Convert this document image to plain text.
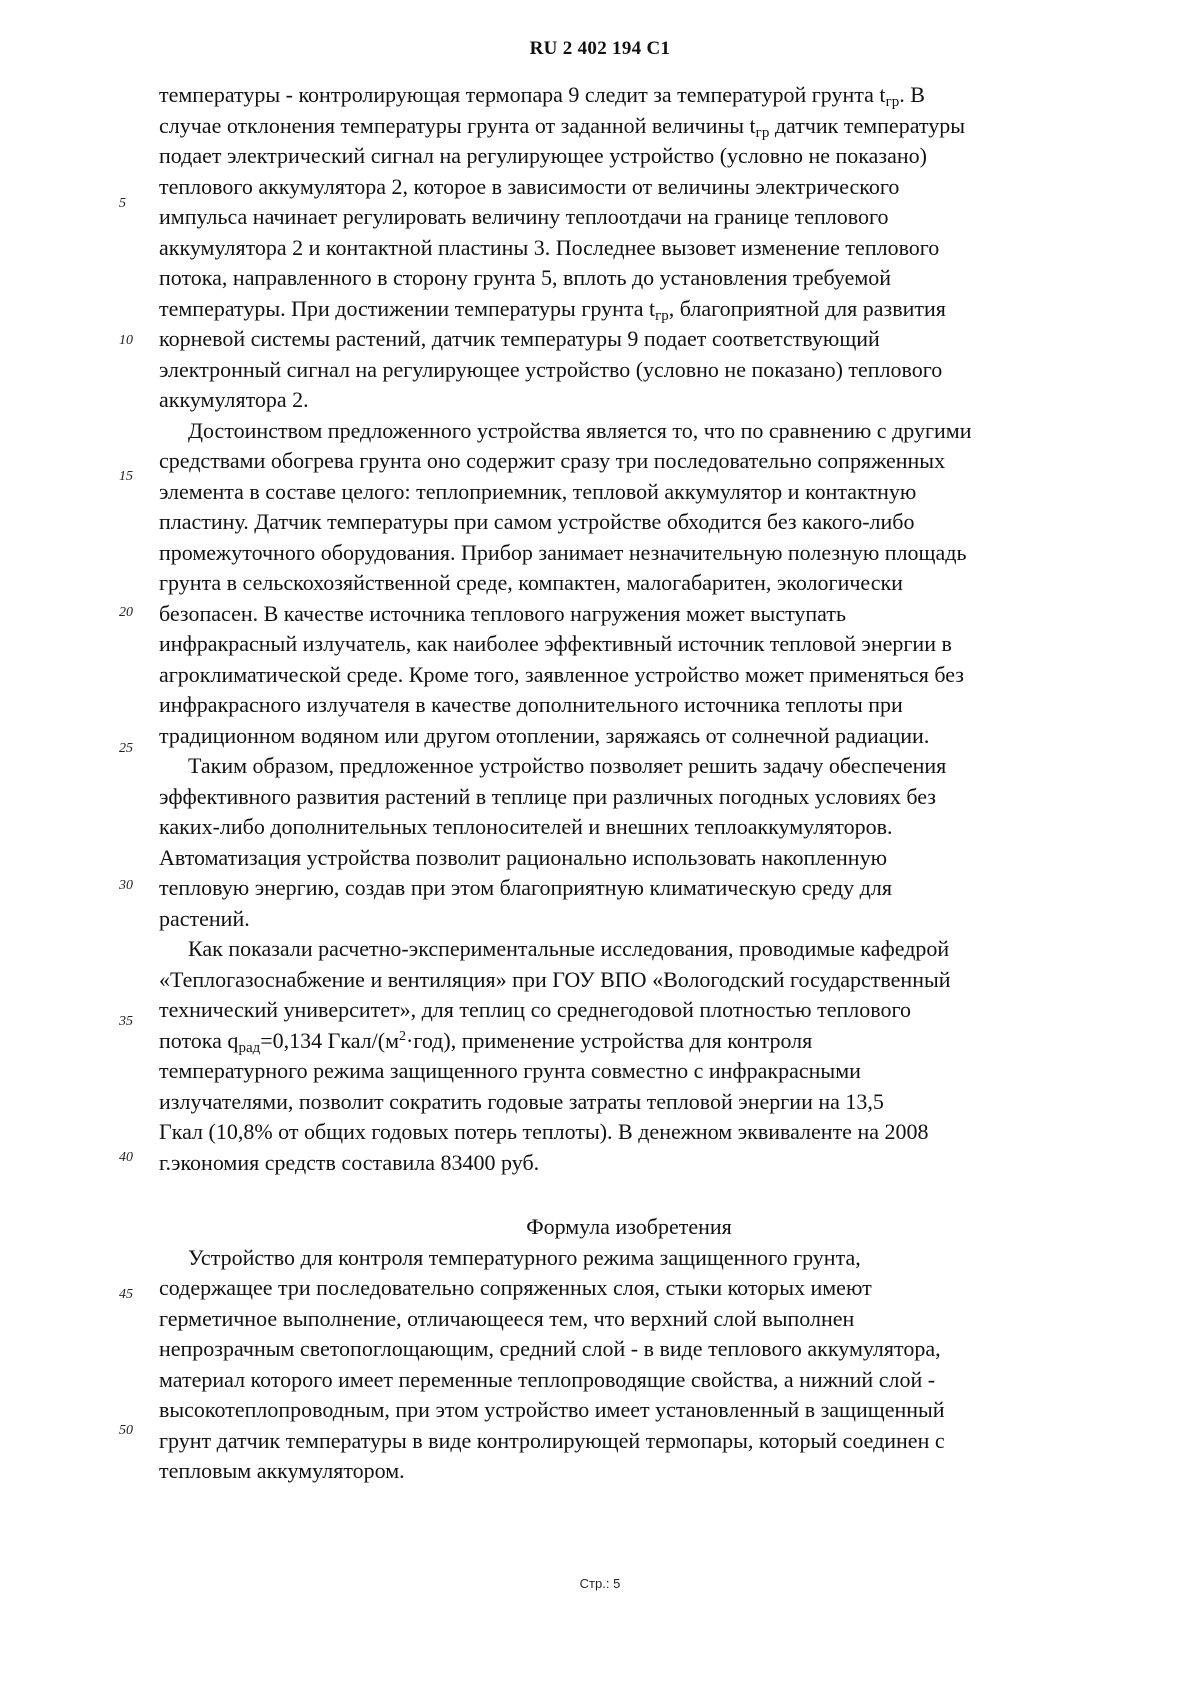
RU 2 402 194 C1
5
10
15
20
25
30
35
40
45
50
температуры - контролирующая термопара 9 следит за температурой грунта $t_{гр}$. В
случае отклонения температуры грунта от заданной величины $t_{гр}$ датчик температуры
подает электрический сигнал на регулирующее устройство (условно не показано)
теплового аккумулятора 2, которое в зависимости от величины электрического
импульса начинает регулировать величину теплоотдачи на границе теплового
аккумулятора 2 и контактной пластины 3. Последнее вызовет изменение теплового
потока, направленного в сторону грунта 5, вплоть до установления требуемой
температуры. При достижении температуры грунта $t_{гр}$, благоприятной для развития
корневой системы растений, датчик температуры 9 подает соответствующий
электронный сигнал на регулирующее устройство (условно не показано) теплового
аккумулятора 2.
Достоинством предложенного устройства является то, что по сравнению с другими
средствами обогрева грунта оно содержит сразу три последовательно сопряженных
элемента в составе целого: теплоприемник, тепловой аккумулятор и контактную
пластину. Датчик температуры при самом устройстве обходится без какого-либо
промежуточного оборудования. Прибор занимает незначительную полезную площадь
грунта в сельскохозяйственной среде, компактен, малогабаритен, экологически
безопасен. В качестве источника теплового нагружения может выступать
инфракрасный излучатель, как наиболее эффективный источник тепловой энергии в
агроклиматической среде. Кроме того, заявленное устройство может применяться без
инфракрасного излучателя в качестве дополнительного источника теплоты при
традиционном водяном или другом отоплении, заряжаясь от солнечной радиации.
Таким образом, предложенное устройство позволяет решить задачу обеспечения
эффективного развития растений в теплице при различных погодных условиях без
каких-либо дополнительных теплоносителей и внешних теплоаккумуляторов.
Автоматизация устройства позволит рационально использовать накопленную
тепловую энергию, создав при этом благоприятную климатическую среду для
растений.
Как показали расчетно-экспериментальные исследования, проводимые кафедрой
«Теплогазоснабжение и вентиляция» при ГОУ ВПО «Вологодский государственный
технический университет», для теплиц со среднегодовой плотностью теплового
потока $q_{рад}=0,134$ Гкал/$(м^2\cdot год)$, применение устройства для контроля
температурного режима защищенного грунта совместно с инфракрасными
излучателями, позволит сократить годовые затраты тепловой энергии на 13,5
Гкал (10,8% от общих годовых потерь теплоты). В денежном эквиваленте на 2008
г.экономия средств составила 83400 руб.
Формула изобретения
Устройство для контроля температурного режима защищенного грунта,
содержащее три последовательно сопряженных слоя, стыки которых имеют
герметичное выполнение, отличающееся тем, что верхний слой выполнен
непрозрачным светопоглощающим, средний слой - в виде теплового аккумулятора,
материал которого имеет переменные теплопроводящие свойства, а нижний слой -
высокотеплопроводным, при этом устройство имеет установленный в защищенный
грунт датчик температуры в виде контролирующей термопары, который соединен с
тепловым аккумулятором.
Стр.: 5
